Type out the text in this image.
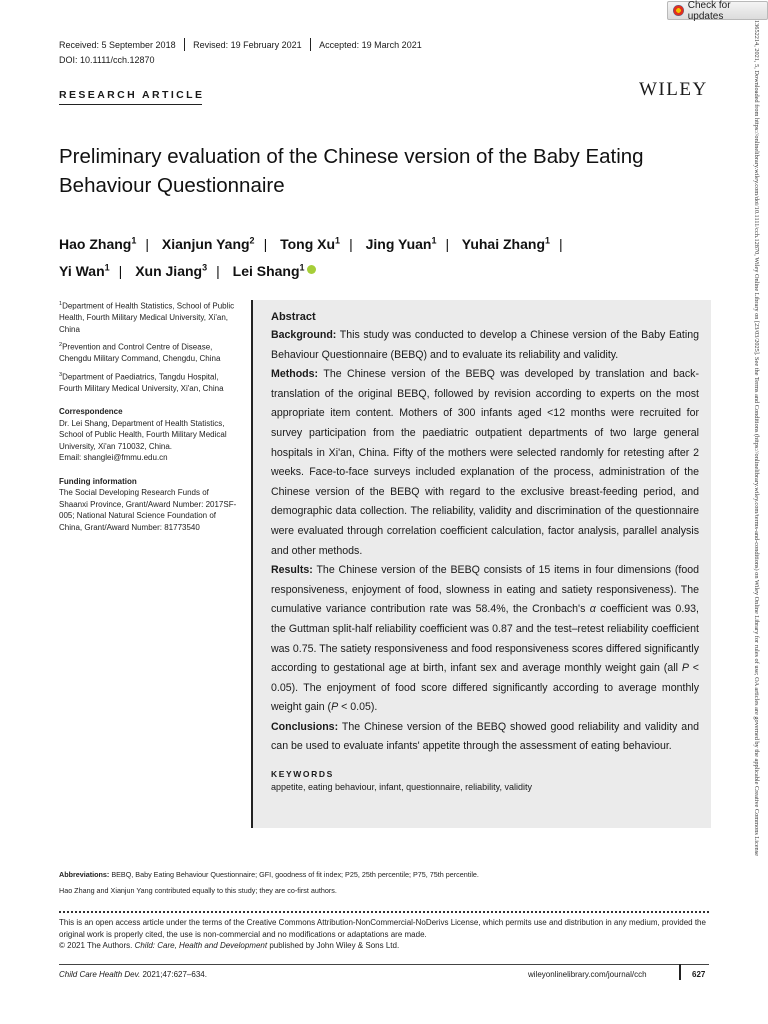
Check for updates
Received: 5 September 2018 Revised: 19 February 2021 Accepted: 19 March 2021
DOI: 10.1111/cch.12870
RESEARCH ARTICLE	WILEY
Preliminary evaluation of the Chinese version of the Baby Eating Behaviour Questionnaire
Hao Zhang$^1$ | Xianjun Yang$^2$ | Tong Xu$^1$ | Jing Yuan$^1$ | Yuhai Zhang$^1$ |
Yi Wan$^1$ | Xun Jiang$^3$ | Lei Shang$^1$
$^1$Department of Health Statistics, School of Public Health, Fourth Military Medical University, Xi'an, China
$^2$Prevention and Control Centre of Disease, Chengdu Military Command, Chengdu, China
$^3$Department of Paediatrics, Tangdu Hospital, Fourth Military Medical University, Xi'an, China
Correspondence
Dr. Lei Shang, Department of Health Statistics, School of Public Health, Fourth Military Medical University, Xi'an 710032, China.
Email: shanglei@fmmu.edu.cn
Funding information
The Social Developing Research Funds of Shaanxi Province, Grant/Award Number: 2017SF-005; National Natural Science Foundation of China, Grant/Award Number: 81773540
Abstract

Background: This study was conducted to develop a Chinese version of the Baby Eating Behaviour Questionnaire (BEBQ) and to evaluate its reliability and validity.

Methods: The Chinese version of the BEBQ was developed by translation and back-translation of the original BEBQ, followed by revision according to experts on the most appropriate item content. Mothers of 300 infants aged <12 months were recruited for survey participation from the paediatric outpatient departments of two large general hospitals in Xi'an, China. Fifty of the mothers were selected randomly for retesting after 2 weeks. Face-to-face surveys included explanation of the process, administration of the Chinese version of the BEBQ with regard to the exclusive breast-feeding period, and demographic data collection. The reliability, validity and discrimination of the questionnaire were evaluated through correlation coefficient calculation, factor analysis, parallel analysis and other methods.

Results: The Chinese version of the BEBQ consists of 15 items in four dimensions (food responsiveness, enjoyment of food, slowness in eating and satiety responsiveness). The cumulative variance contribution rate was 58.4%, the Cronbach's α coefficient was 0.93, the Guttman split-half reliability coefficient was 0.87 and the test–retest reliability coefficient was 0.75. The satiety responsiveness and food responsiveness scores differed significantly according to gestational age at birth, infant sex and average monthly weight gain (all P < 0.05). The enjoyment of food score differed significantly according to average monthly weight gain (P < 0.05).

Conclusions: The Chinese version of the BEBQ showed good reliability and validity and can be used to evaluate infants' appetite through the assessment of eating behaviour.

KEYWORDS
appetite, eating behaviour, infant, questionnaire, reliability, validity
Abbreviations: BEBQ, Baby Eating Behaviour Questionnaire; GFI, goodness of fit index; P25, 25th percentile; P75, 75th percentile.
Hao Zhang and Xianjun Yang contributed equally to this study; they are co-first authors.
This is an open access article under the terms of the Creative Commons Attribution-NonCommercial-NoDerivs License, which permits use and distribution in any medium, provided the original work is properly cited, the use is non-commercial and no modifications or adaptations are made.
© 2021 The Authors. Child: Care, Health and Development published by John Wiley & Sons Ltd.
Child Care Health Dev. 2021;47:627–634.	wileyonlinelibrary.com/journal/cch	627
13652214, 2021, 5, Downloaded from https://onlinelibrary.wiley.com/doi/10.1111/cch.12870, Wiley Online Library on [23/03/2025]. See the Terms and Conditions (https://onlinelibrary.wiley.com/terms-and-conditions) on Wiley Online Library for rules of use; OA articles are governed by the applicable Creative Commons License
